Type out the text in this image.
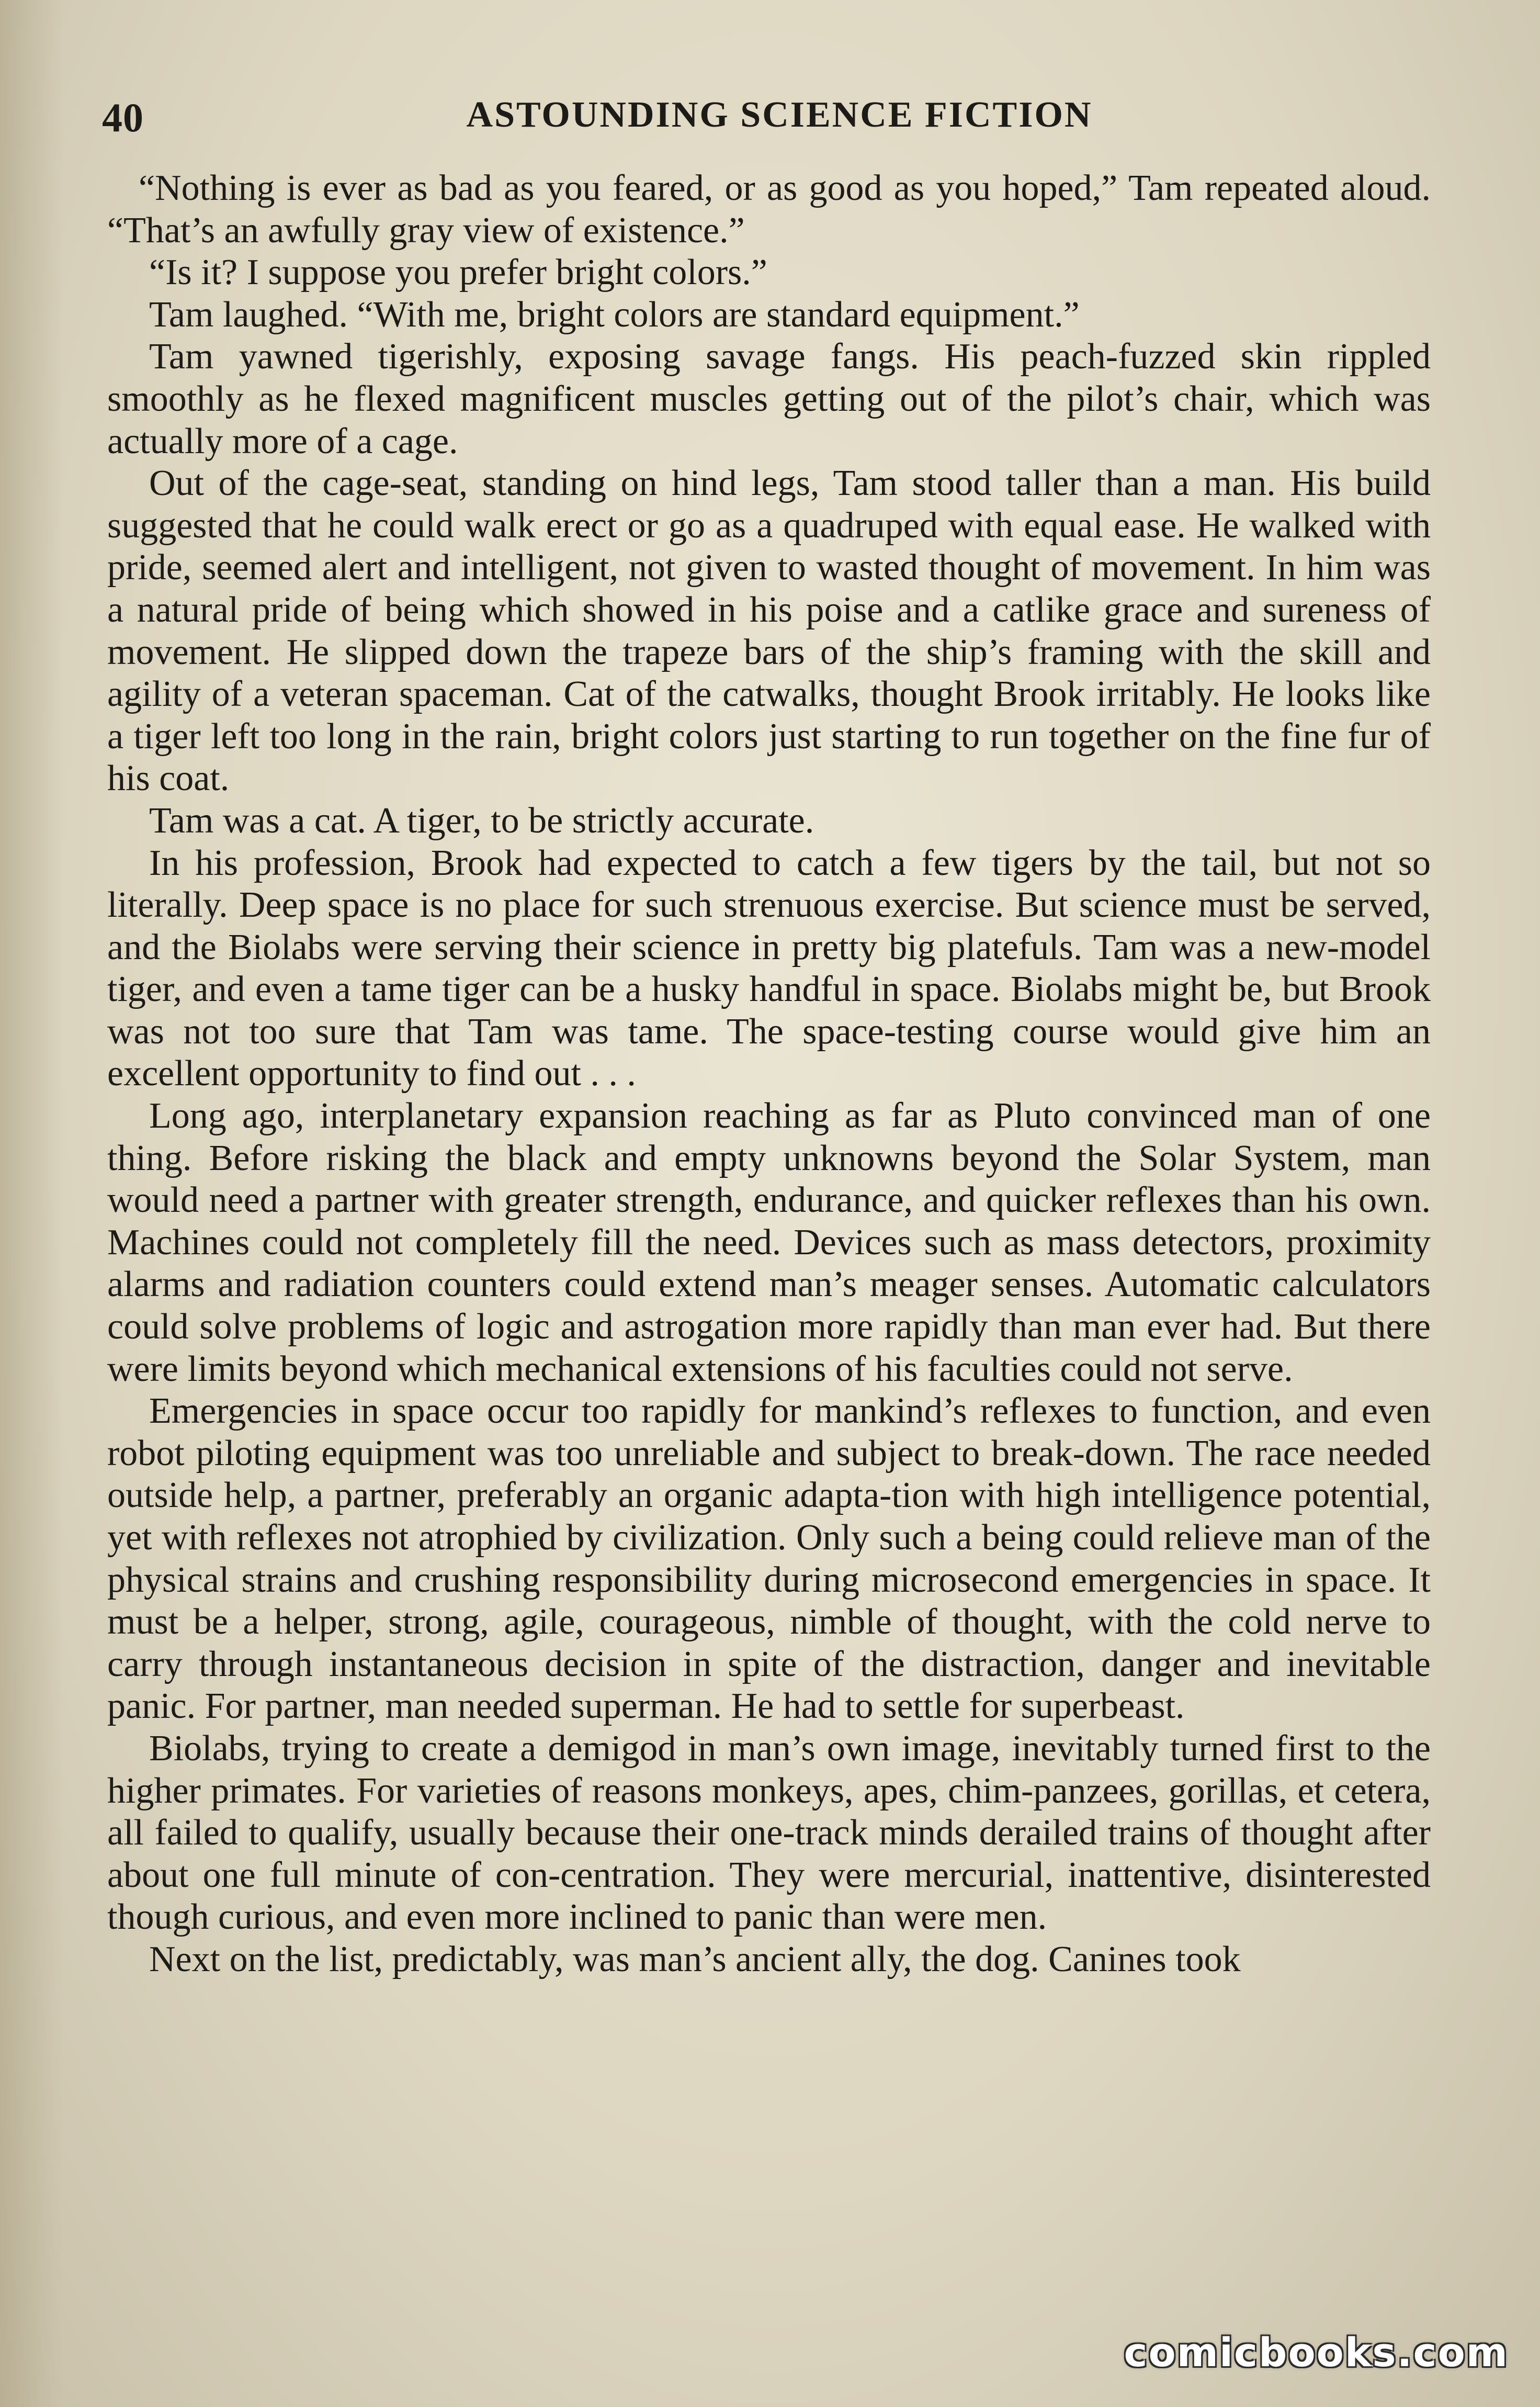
40	ASTOUNDING SCIENCE FICTION

“Nothing is ever as bad as you feared, or as good as you hoped,” Tam repeated aloud. “That’s an awfully gray view of existence.”

“Is it? I suppose you prefer bright colors.”

Tam laughed. “With me, bright colors are standard equipment.”

Tam yawned tigerishly, exposing savage fangs. His peach-fuzzed skin rippled smoothly as he flexed magnificent muscles getting out of the pilot’s chair, which was actually more of a cage.

Out of the cage-seat, standing on hind legs, Tam stood taller than a man. His build suggested that he could walk erect or go as a quadruped with equal ease. He walked with pride, seemed alert and intelligent, not given to wasted thought of movement. In him was a natural pride of being which showed in his poise and a catlike grace and sureness of movement. He slipped down the trapeze bars of the ship’s framing with the skill and agility of a veteran spaceman. Cat of the catwalks, thought Brook irritably. He looks like a tiger left too long in the rain, bright colors just starting to run together on the fine fur of his coat.

Tam was a cat. A tiger, to be strictly accurate.

In his profession, Brook had expected to catch a few tigers by the tail, but not so literally. Deep space is no place for such strenuous exercise. But science must be served, and the Biolabs were serving their science in pretty big platefuls. Tam was a new-model tiger, and even a tame tiger can be a husky handful in space. Biolabs might be, but Brook was not too sure that Tam was tame. The space-testing course would give him an excellent opportunity to find out . . .

Long ago, interplanetary expansion reaching as far as Pluto convinced man of one thing. Before risking the black and empty unknowns beyond the Solar System, man would need a partner with greater strength, endurance, and quicker reflexes than his own. Machines could not completely fill the need. Devices such as mass detectors, proximity alarms and radiation counters could extend man’s meager senses. Automatic calculators could solve problems of logic and astrogation more rapidly than man ever had. But there were limits beyond which mechanical extensions of his faculties could not serve.

Emergencies in space occur too rapidly for mankind’s reflexes to function, and even robot piloting equipment was too unreliable and subject to break-down. The race needed outside help, a partner, preferably an organic adapta-tion with high intelligence potential, yet with reflexes not atrophied by civilization. Only such a being could relieve man of the physical strains and crushing responsibility during microsecond emergencies in space. It must be a helper, strong, agile, courageous, nimble of thought, with the cold nerve to carry through instantaneous decision in spite of the distraction, danger and inevitable panic. For partner, man needed superman. He had to settle for superbeast.

Biolabs, trying to create a demigod in man’s own image, inevitably turned first to the higher primates. For varieties of reasons monkeys, apes, chim-panzees, gorillas, et cetera, all failed to qualify, usually because their one-track minds derailed trains of thought after about one full minute of con-centration. They were mercurial, inattentive, disinterested though curious, and even more inclined to panic than were men.

Next on the list, predictably, was man’s ancient ally, the dog. Canines took

comicbooks.com
